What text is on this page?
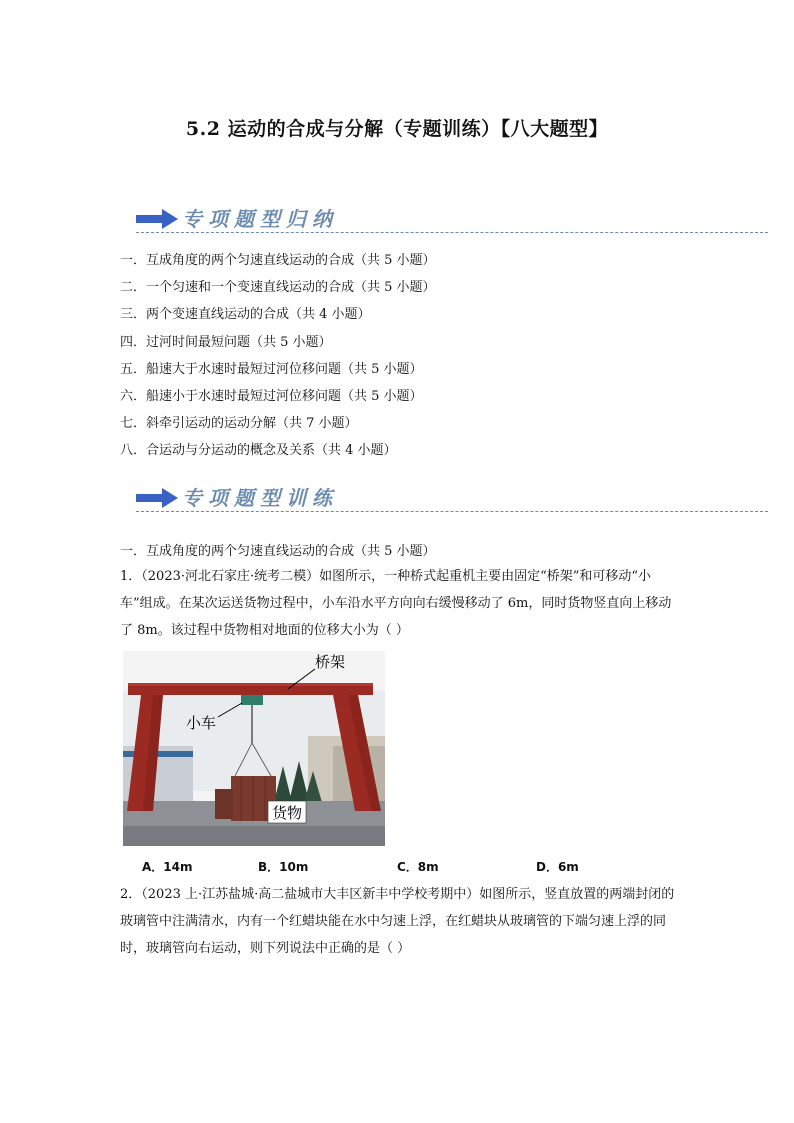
5.2 运动的合成与分解（专题训练）【八大题型】
专项题型归纳
一．互成角度的两个匀速直线运动的合成（共 5 小题）
二．一个匀速和一个变速直线运动的合成（共 5 小题）
三．两个变速直线运动的合成（共 4 小题）
四．过河时间最短问题（共 5 小题）
五．船速大于水速时最短过河位移问题（共 5 小题）
六．船速小于水速时最短过河位移问题（共 5 小题）
七．斜牵引运动的运动分解（共 7 小题）
八．合运动与分运动的概念及关系（共 4 小题）
专项题型训练
一．互成角度的两个匀速直线运动的合成（共 5 小题）
1．（2023·河北石家庄·统考二模）如图所示，一种桥式起重机主要由固定“桥架”和可移动“小车”组成。在某次运送货物过程中，小车沿水平方向向右缓慢移动了 6m，同时货物竖直向上移动了 8m。该过程中货物相对地面的位移大小为（ ）
桥架
小车
货物
A．14m	B．10m	C．8m	D．6m
2．（2023 上·江苏盐城·高二盐城市大丰区新丰中学校考期中）如图所示，竖直放置的两端封闭的玻璃管中注满清水，内有一个红蜡块能在水中匀速上浮，在红蜡块从玻璃管的下端匀速上浮的同时，玻璃管向右运动，则下列说法中正确的是（ ）
